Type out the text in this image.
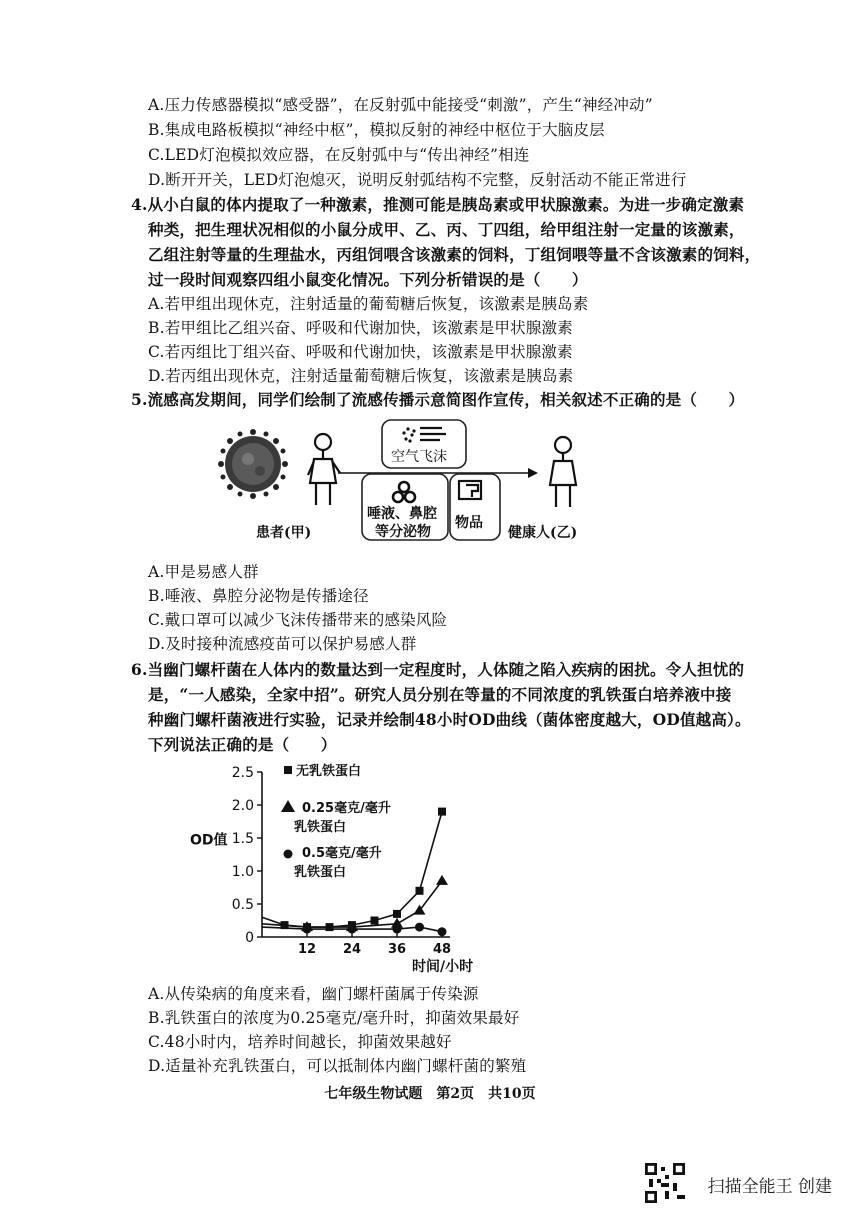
A.压力传感器模拟“感受器”，在反射弧中能接受“刺激”，产生“神经冲动”
B.集成电路板模拟“神经中枢”，模拟反射的神经中枢位于大脑皮层
C.LED灯泡模拟效应器，在反射弧中与“传出神经”相连
D.断开开关，LED灯泡熄灭，说明反射弧结构不完整，反射活动不能正常进行
4.从小白鼠的体内提取了一种激素，推测可能是胰岛素或甲状腺激素。为进一步确定激素
种类，把生理状况相似的小鼠分成甲、乙、丙、丁四组，给甲组注射一定量的该激素，
乙组注射等量的生理盐水，丙组饲喂含该激素的饲料，丁组饲喂等量不含该激素的饲料，
过一段时间观察四组小鼠变化情况。下列分析错误的是（　　）
A.若甲组出现休克，注射适量的葡萄糖后恢复，该激素是胰岛素
B.若甲组比乙组兴奋、呼吸和代谢加快，该激素是甲状腺激素
C.若丙组比丁组兴奋、呼吸和代谢加快，该激素是甲状腺激素
D.若丙组出现休克，注射适量葡萄糖后恢复，该激素是胰岛素
5.流感高发期间，同学们绘制了流感传播示意简图作宣传，相关叙述不正确的是（　　）
空气飞沫
唾液、鼻腔
等分泌物
物品
患者(甲)	健康人(乙)
A.甲是易感人群
B.唾液、鼻腔分泌物是传播途径
C.戴口罩可以减少飞沫传播带来的感染风险
D.及时接种流感疫苗可以保护易感人群
6.当幽门螺杆菌在人体内的数量达到一定程度时，人体随之陷入疾病的困扰。令人担忧的
是，“一人感染，全家中招”。研究人员分别在等量的不同浓度的乳铁蛋白培养液中接
种幽门螺杆菌液进行实验，记录并绘制48小时OD曲线（菌体密度越大，OD值越高）。
下列说法正确的是（　　）
0
0.5
1.0
1.5
2.0
2.5
12 24 36 48
OD值
时间/小时
无乳铁蛋白
0.25毫克/毫升
乳铁蛋白
0.5毫克/毫升
乳铁蛋白
A.从传染病的角度来看，幽门螺杆菌属于传染源
B.乳铁蛋白的浓度为0.25毫克/毫升时，抑菌效果最好
C.48小时内，培养时间越长，抑菌效果越好
D.适量补充乳铁蛋白，可以抵制体内幽门螺杆菌的繁殖
七年级生物试题　第2页　共10页
扫描全能王 创建
